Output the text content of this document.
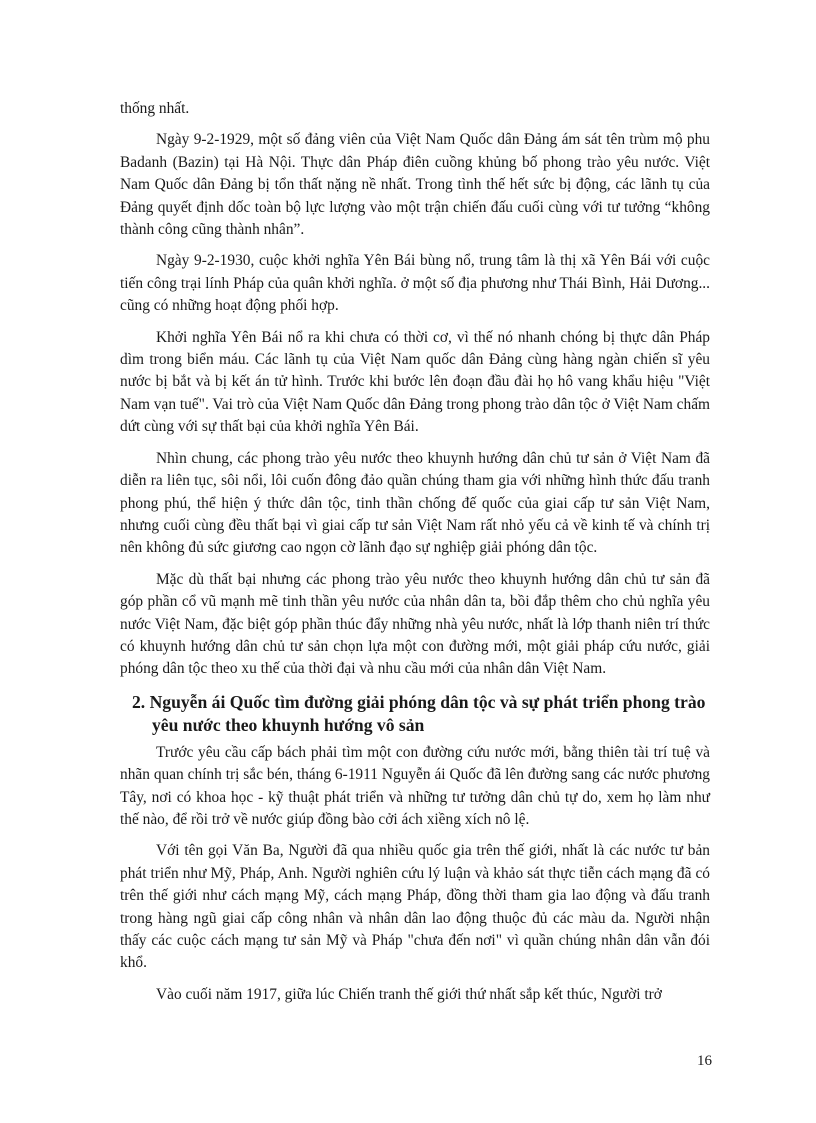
thống nhất.

Ngày 9-2-1929, một số đảng viên của Việt Nam Quốc dân Đảng ám sát tên trùm mộ phu Badanh (Bazin) tại Hà Nội. Thực dân Pháp điên cuồng khủng bố phong trào yêu nước. Việt Nam Quốc dân Đảng bị tổn thất nặng nề nhất. Trong tình thế hết sức bị động, các lãnh tụ của Đảng quyết định dốc toàn bộ lực lượng vào một trận chiến đấu cuối cùng với tư tưởng “không thành công cũng thành nhân”.

Ngày 9-2-1930, cuộc khởi nghĩa Yên Bái bùng nổ, trung tâm là thị xã Yên Bái với cuộc tiến công trại lính Pháp của quân khởi nghĩa. ở một số địa phương như Thái Bình, Hải Dương... cũng có những hoạt động phối hợp.

Khởi nghĩa Yên Bái nổ ra khi chưa có thời cơ, vì thế nó nhanh chóng bị thực dân Pháp dìm trong biển máu. Các lãnh tụ của Việt Nam quốc dân Đảng cùng hàng ngàn chiến sĩ yêu nước bị bắt và bị kết án tử hình. Trước khi bước lên đoạn đầu đài họ hô vang khẩu hiệu "Việt Nam vạn tuế". Vai trò của Việt Nam Quốc dân Đảng trong phong trào dân tộc ở Việt Nam chấm dứt cùng với sự thất bại của khởi nghĩa Yên Bái.

Nhìn chung, các phong trào yêu nước theo khuynh hướng dân chủ tư sản ở Việt Nam đã diễn ra liên tục, sôi nổi, lôi cuốn đông đảo quần chúng tham gia với những hình thức đấu tranh phong phú, thể hiện ý thức dân tộc, tinh thần chống đế quốc của giai cấp tư sản Việt Nam, nhưng cuối cùng đều thất bại vì giai cấp tư sản Việt Nam rất nhỏ yếu cả về kinh tế và chính trị nên không đủ sức giương cao ngọn cờ lãnh đạo sự nghiệp giải phóng dân tộc.

Mặc dù thất bại nhưng các phong trào yêu nước theo khuynh hướng dân chủ tư sản đã góp phần cổ vũ mạnh mẽ tinh thần yêu nước của nhân dân ta, bồi đắp thêm cho chủ nghĩa yêu nước Việt Nam, đặc biệt góp phần thúc đẩy những nhà yêu nước, nhất là lớp thanh niên trí thức có khuynh hướng dân chủ tư sản chọn lựa một con đường mới, một giải pháp cứu nước, giải phóng dân tộc theo xu thế của thời đại và nhu cầu mới của nhân dân Việt Nam.

2. Nguyễn ái Quốc tìm đường giải phóng dân tộc và sự phát triển phong trào yêu nước theo khuynh hướng vô sản

Trước yêu cầu cấp bách phải tìm một con đường cứu nước mới, bằng thiên tài trí tuệ và nhãn quan chính trị sắc bén, tháng 6-1911 Nguyễn ái Quốc đã lên đường sang các nước phương Tây, nơi có khoa học - kỹ thuật phát triển và những tư tưởng dân chủ tự do, xem họ làm như thế nào, để rồi trở về nước giúp đồng bào cởi ách xiềng xích nô lệ.

Với tên gọi Văn Ba, Người đã qua nhiều quốc gia trên thế giới, nhất là các nước tư bản phát triển như Mỹ, Pháp, Anh. Người nghiên cứu lý luận và khảo sát thực tiễn cách mạng đã có trên thế giới như cách mạng Mỹ, cách mạng Pháp, đồng thời tham gia lao động và đấu tranh trong hàng ngũ giai cấp công nhân và nhân dân lao động thuộc đủ các màu da. Người nhận thấy các cuộc cách mạng tư sản Mỹ và Pháp "chưa đến nơi" vì quần chúng nhân dân vẫn đói khổ.

Vào cuối năm 1917, giữa lúc Chiến tranh thế giới thứ nhất sắp kết thúc, Người trở

16
